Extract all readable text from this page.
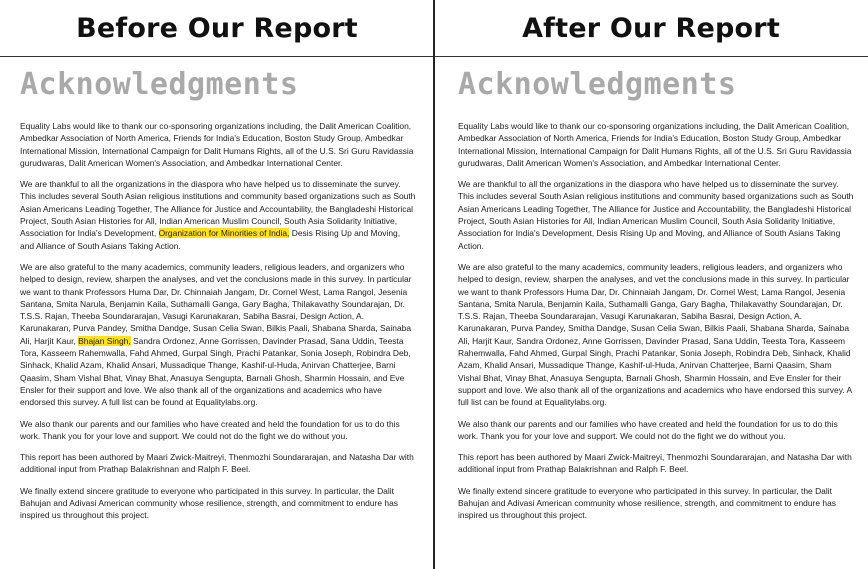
Before Our Report
Acknowledgments

Equality Labs would like to thank our co-sponsoring organizations including, the Dalit American Coalition, Ambedkar Association of North America, Friends for India's Education, Boston Study Group, Ambedkar International Mission, International Campaign for Dalit Humans Rights, all of the U.S. Sri Guru Ravidassia gurudwaras, Dalit American Women's Association, and Ambedkar International Center.

We are thankful to all the organizations in the diaspora who have helped us to disseminate the survey. This includes several South Asian religious institutions and community based organizations such as South Asian Americans Leading Together, The Alliance for Justice and Accountability, the Bangladeshi Historical Project, South Asian Histories for All, Indian American Muslim Council, South Asia Solidarity Initiative, Association for India's Development, Organization for Minorities of India, Desis Rising Up and Moving, and Alliance of South Asians Taking Action.

We are also grateful to the many academics, community leaders, religious leaders, and organizers who helped to design, review, sharpen the analyses, and vet the conclusions made in this survey. In particular we want to thank Professors Huma Dar, Dr. Chinnaiah Jangam, Dr. Cornel West, Lama Rangol, Jesenia Santana, Smita Narula, Benjamin Kaila, Suthamalli Ganga, Gary Bagha, Thilakavathy Soundarajan, Dr. T.S.S. Rajan, Theeba Soundararajan, Vasugi Karunakaran, Sabiha Basrai, Design Action, A. Karunakaran, Purva Pandey, Smitha Dandge, Susan Celia Swan, Bilkis Paali, Shabana Sharda, Sainaba Ali, Harjit Kaur, Bhajan Singh, Sandra Ordonez, Anne Gorrissen, Davinder Prasad, Sana Uddin, Teesta Tora, Kasseem Rahemwalla, Fahd Ahmed, Gurpal Singh, Prachi Patankar, Sonia Joseph, Robindra Deb, Sinhack, Khalid Azam, Khalid Ansari, Mussadique Thange, Kashif-ul-Huda, Anirvan Chatterjee, Barni Qaasim, Sham Vishal Bhat, Vinay Bhat, Anasuya Sengupta, Barnali Ghosh, Sharmin Hossain, and Eve Ensler for their support and love. We also thank all of the organizations and academics who have endorsed this survey. A full list can be found at Equalitylabs.org.

We also thank our parents and our families who have created and held the foundation for us to do this work. Thank you for your love and support. We could not do the fight we do without you.

This report has been authored by Maari Zwick-Maitreyi, Thenmozhi Soundararajan, and Natasha Dar with additional input from Prathap Balakrishnan and Ralph F. Beel.

We finally extend sincere gratitude to everyone who participated in this survey. In particular, the Dalit Bahujan and Adivasi American community whose resilience, strength, and commitment to endure has inspired us throughout this project.

After Our Report
Acknowledgments

Equality Labs would like to thank our co-sponsoring organizations including, the Dalit American Coalition, Ambedkar Association of North America, Friends for India's Education, Boston Study Group, Ambedkar International Mission, International Campaign for Dalit Humans Rights, all of the U.S. Sri Guru Ravidassia gurudwaras, Dalit American Women's Association, and Ambedkar International Center.

We are thankful to all the organizations in the diaspora who have helped us to disseminate the survey. This includes several South Asian religious institutions and community based organizations such as South Asian Americans Leading Together, The Alliance for Justice and Accountability, the Bangladeshi Historical Project, South Asian Histories for All, Indian American Muslim Council, South Asia Solidarity Initiative, Association for India's Development, Desis Rising Up and Moving, and Alliance of South Asians Taking Action.

We are also grateful to the many academics, community leaders, religious leaders, and organizers who helped to design, review, sharpen the analyses, and vet the conclusions made in this survey. In particular we want to thank Professors Huma Dar, Dr. Chinnaiah Jangam, Dr. Cornel West, Lama Rangol, Jesenia Santana, Smita Narula, Benjamin Kaila, Suthamalli Ganga, Gary Bagha, Thilakavathy Soundarajan, Dr. T.S.S. Rajan, Theeba Soundararajan, Vasugi Karunakaran, Sabiha Basrai, Design Action, A. Karunakaran, Purva Pandey, Smitha Dandge, Susan Celia Swan, Bilkis Paali, Shabana Sharda, Sainaba Ali, Harjit Kaur, Sandra Ordonez, Anne Gorrissen, Davinder Prasad, Sana Uddin, Teesta Tora, Kasseem Rahemwalla, Fahd Ahmed, Gurpal Singh, Prachi Patankar, Sonia Joseph, Robindra Deb, Sinhack, Khalid Azam, Khalid Ansari, Mussadique Thange, Kashif-ul-Huda, Anirvan Chatterjee, Barni Qaasim, Sham Vishal Bhat, Vinay Bhat, Anasuya Sengupta, Barnali Ghosh, Sharmin Hossain, and Eve Ensler for their support and love. We also thank all of the organizations and academics who have endorsed this survey. A full list can be found at Equalitylabs.org.

We also thank our parents and our families who have created and held the foundation for us to do this work. Thank you for your love and support. We could not do the fight we do without you.

This report has been authored by Maari Zwick-Maitreyi, Thenmozhi Soundararajan, and Natasha Dar with additional input from Prathap Balakrishnan and Ralph F. Beel.

We finally extend sincere gratitude to everyone who participated in this survey. In particular, the Dalit Bahujan and Adivasi American community whose resilience, strength, and commitment to endure has inspired us throughout this project.
